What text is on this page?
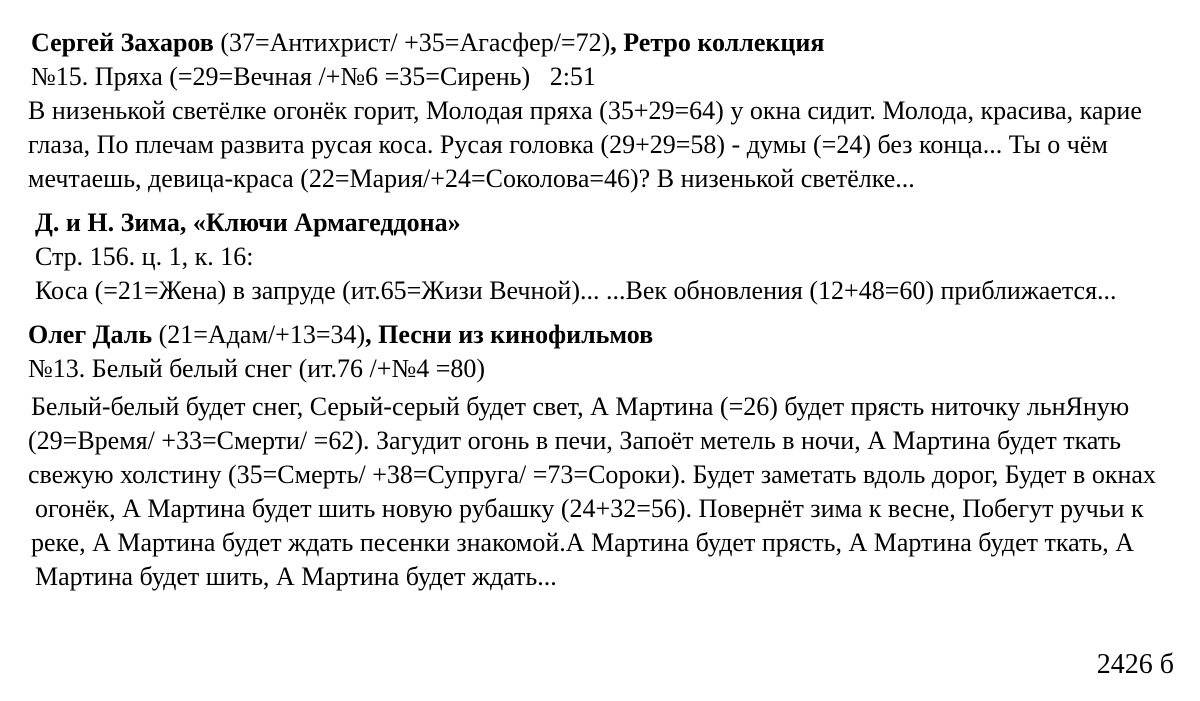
Сергей Захаров (37=Антихрист/ +35=Агасфер/=72), Ретро коллекция
№15. Пряха (=29=Вечная /+№6 =35=Сирень)   2:51
В низенькой светёлке огонёк горит, Молодая пряха (35+29=64) у окна сидит. Молода, красива, карие
глаза, По плечам развита русая коса. Русая головка (29+29=58) - думы (=24) без конца... Ты о чём
мечтаешь, девица-краса (22=Мария/+24=Соколова=46)? В низенькой светёлке...
Д. и Н. Зима, «Ключи Армагеддона»
Стр. 156. ц. 1, к. 16:
Коса (=21=Жена) в запруде (ит.65=Жизи Вечной)... ...Век обновления (12+48=60) приближается...
Олег Даль (21=Адам/+13=34), Песни из кинофильмов
№13. Белый белый снег (ит.76 /+№4 =80)
Белый-белый будет снег, Серый-серый будет свет, А Мартина (=26) будет прясть ниточку льнЯную
(29=Время/ +33=Смерти/ =62). Загудит огонь в печи, Запоёт метель в ночи, А Мартина будет ткать
свежую холстину (35=Смерть/ +38=Супруга/ =73=Сороки). Будет заметать вдоль дорог, Будет в окнах
огонёк, А Мартина будет шить новую рубашку (24+32=56). Повернёт зима к весне, Побегут ручьи к
реке, А Мартина будет ждать песенки знакомой.А Мартина будет прясть, А Мартина будет ткать, А
Мартина будет шить, А Мартина будет ждать...
2426 б
